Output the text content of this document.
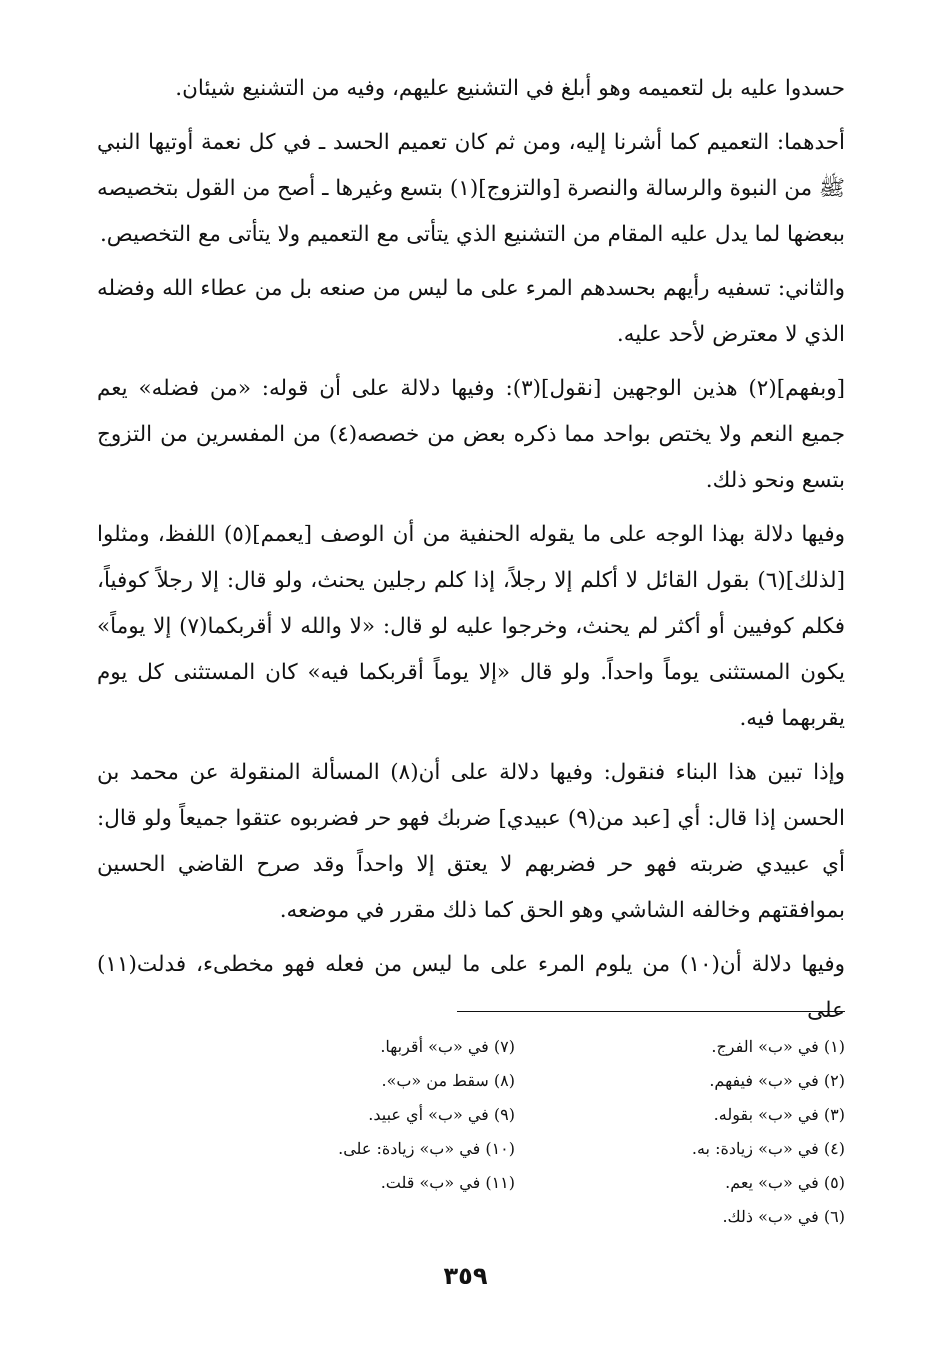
حسدوا عليه بل لتعميمه وهو أبلغ في التشنيع عليهم، وفيه من التشنيع شيئان.

أحدهما: التعميم كما أشرنا إليه، ومن ثم كان تعميم الحسد ـ في كل نعمة أوتيها النبي ﷺ من النبوة والرسالة والنصرة [والتزوج](١) بتسع وغيرها ـ أصح من القول بتخصيصه ببعضها لما يدل عليه المقام من التشنيع الذي يتأتى مع التعميم ولا يتأتى مع التخصيص.

والثاني: تسفيه رأيهم بحسدهم المرء على ما ليس من صنعه بل من عطاء الله وفضله الذي لا معترض لأحد عليه.

[وبفهم](٢) هذين الوجهين [نقول](٣): وفيها دلالة على أن قوله: «من فضله» يعم جميع النعم ولا يختص بواحد مما ذكره بعض من خصصه(٤) من المفسرين من التزوج بتسع ونحو ذلك.

وفيها دلالة بهذا الوجه على ما يقوله الحنفية من أن الوصف [يعمم](٥) اللفظ، ومثلوا [لذلك](٦) بقول القائل لا أكلم إلا رجلاً، إذا كلم رجلين يحنث، ولو قال: إلا رجلاً كوفياً، فكلم كوفيين أو أكثر لم يحنث، وخرجوا عليه لو قال: «لا والله لا أقربكما(٧) إلا يوماً» يكون المستثنى يوماً واحداً. ولو قال «إلا يوماً أقربكما فيه» كان المستثنى كل يوم يقربهما فيه.

وإذا تبين هذا البناء فنقول: وفيها دلالة على أن(٨) المسألة المنقولة عن محمد بن الحسن إذا قال: أي [عبد من(٩) عبيدي] ضربك فهو حر فضربوه عتقوا جميعاً ولو قال: أي عبيدي ضربته فهو حر فضربهم لا يعتق إلا واحداً وقد صرح القاضي الحسين بموافقتهم وخالفه الشاشي وهو الحق كما ذلك مقرر في موضعه.

وفيها دلالة أن(١٠) من يلوم المرء على ما ليس من فعله فهو مخطىء، فدلت(١١) على

(١) في «ب» الفرج.
(٢) في «ب» فيفهم.
(٣) في «ب» بقوله.
(٤) في «ب» زيادة: به.
(٥) في «ب» يعم.
(٦) في «ب» ذلك.
(٧) في «ب» أقربها.
(٨) سقط من «ب».
(٩) في «ب» أي عبيد.
(١٠) في «ب» زيادة: على.
(١١) في «ب» قلت.
٣٥٩
